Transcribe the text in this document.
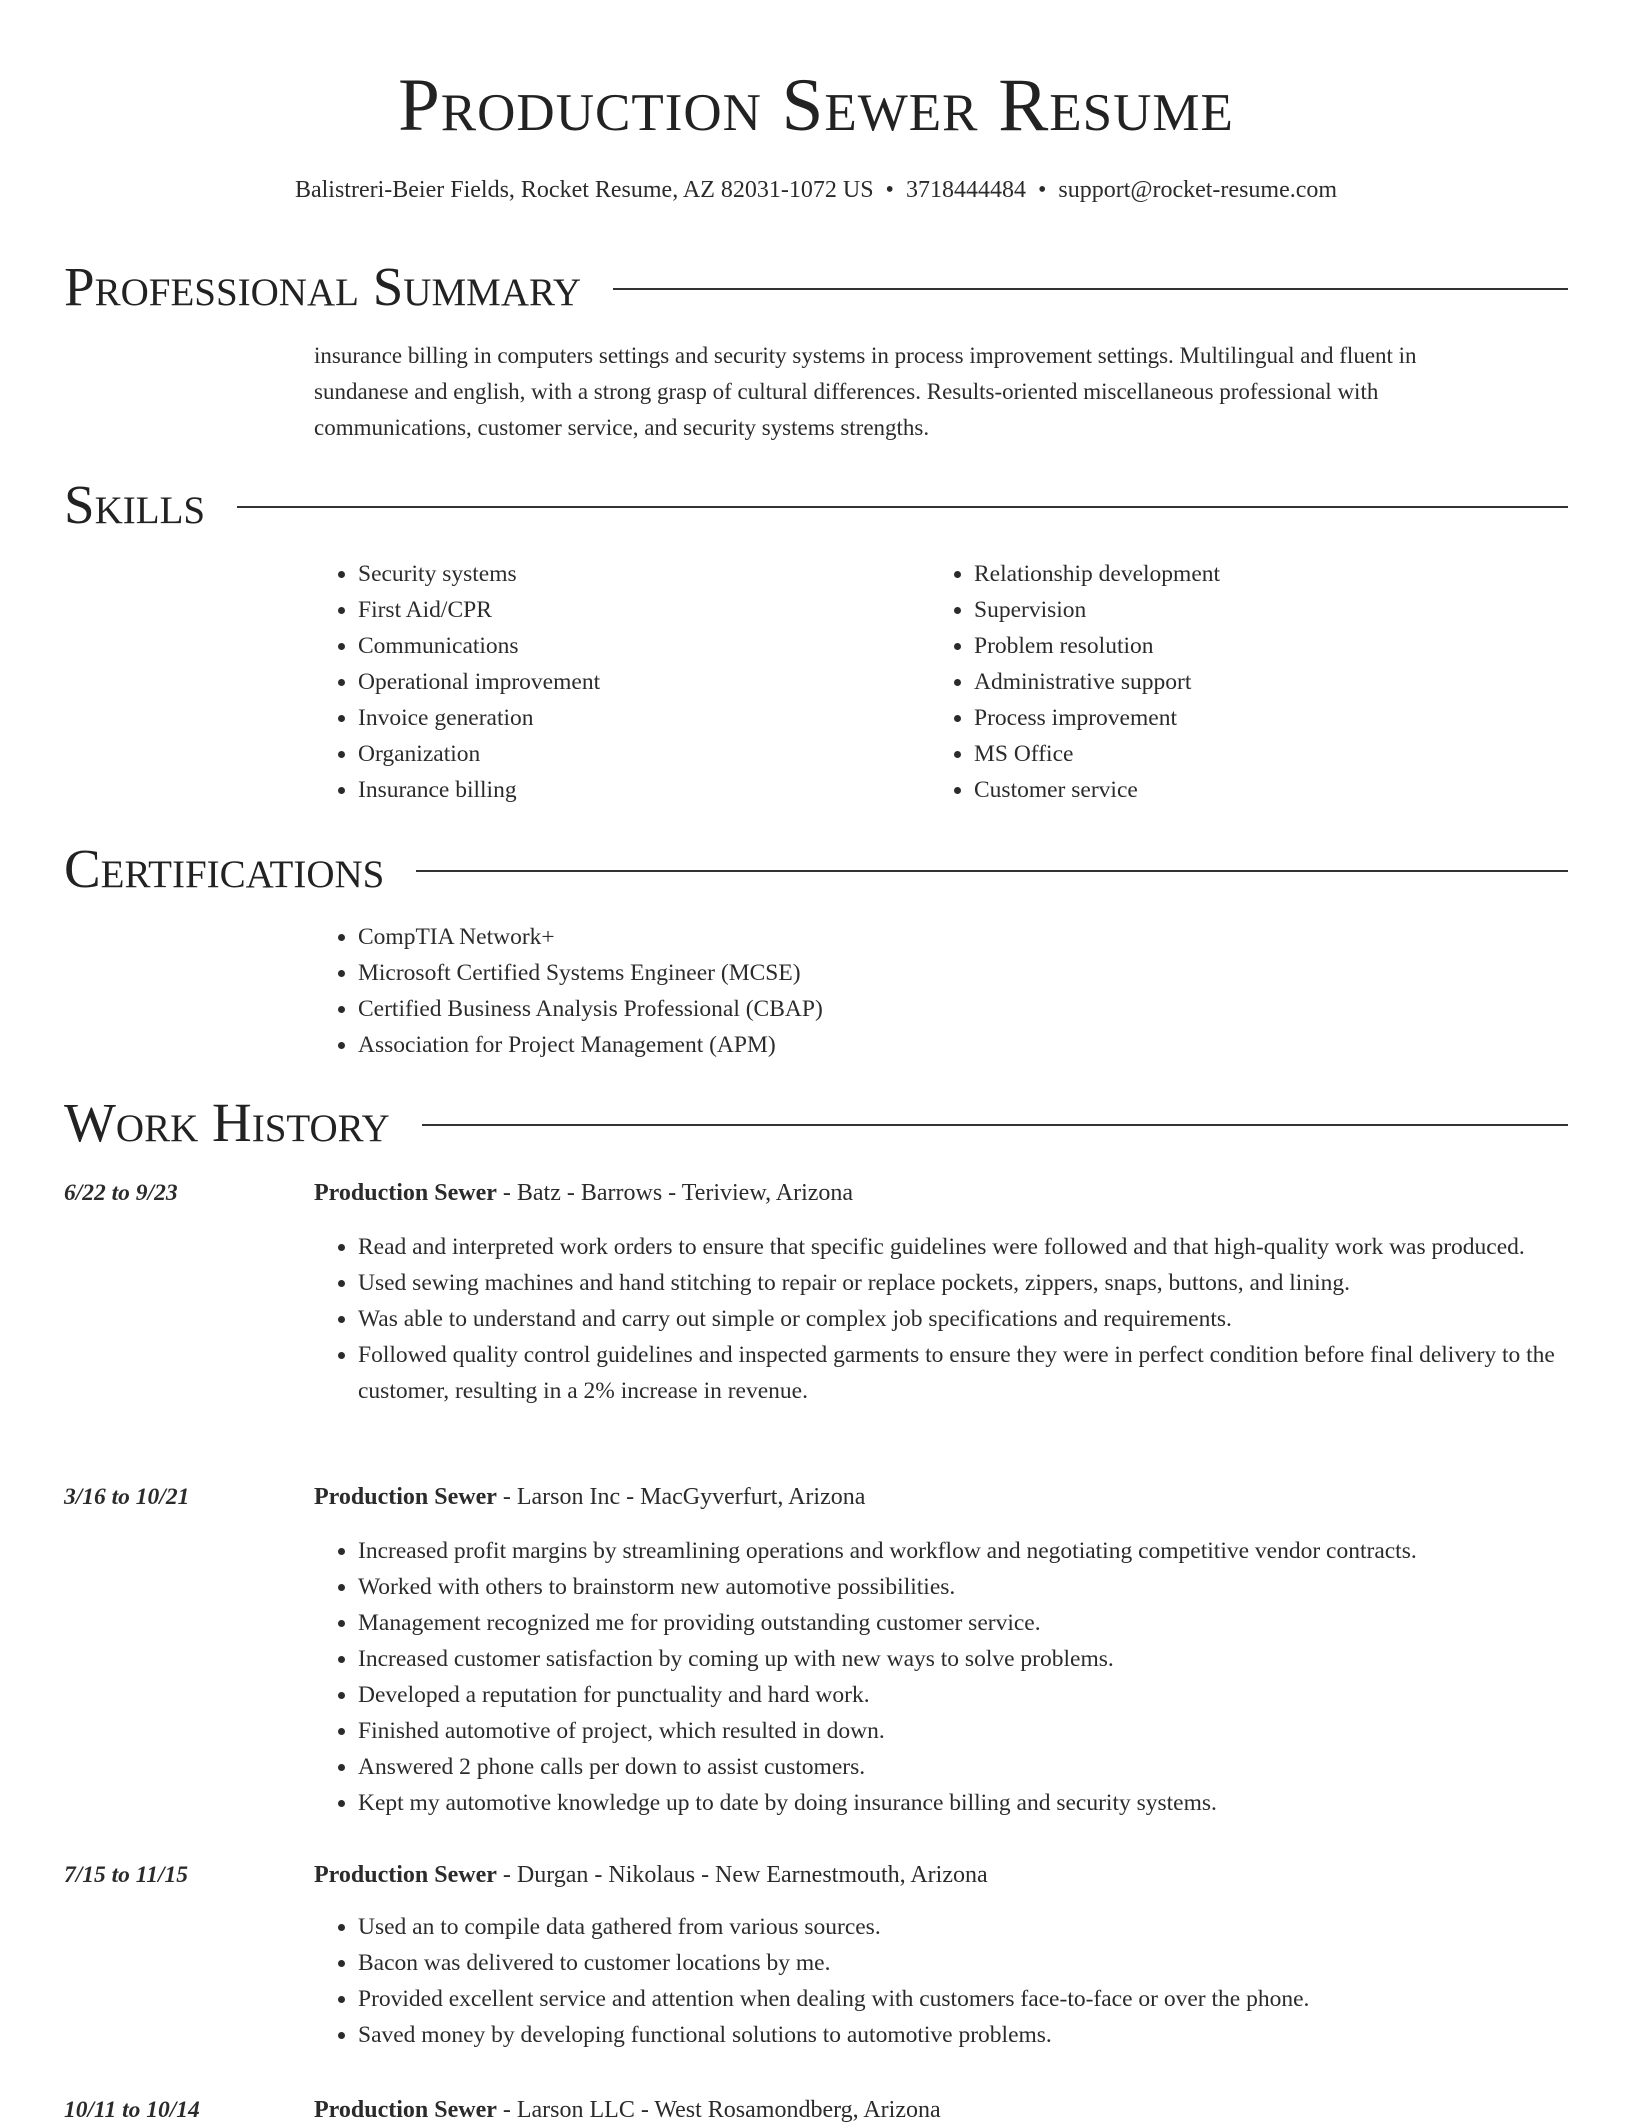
Production Sewer Resume
Balistreri-Beier Fields, Rocket Resume, AZ 82031-1072 US • 3718444484 • support@rocket-resume.com
Professional Summary

insurance billing in computers settings and security systems in process improvement settings. Multilingual and fluent in sundanese and english, with a strong grasp of cultural differences. Results-oriented miscellaneous professional with communications, customer service, and security systems strengths.

Skills
• Security systems
• First Aid/CPR
• Communications
• Operational improvement
• Invoice generation
• Organization
• Insurance billing
• Relationship development
• Supervision
• Problem resolution
• Administrative support
• Process improvement
• MS Office
• Customer service
Certifications
• CompTIA Network+
• Microsoft Certified Systems Engineer (MCSE)
• Certified Business Analysis Professional (CBAP)
• Association for Project Management (APM)
Work History
6/22 to 9/23	Production Sewer - Batz - Barrows - Teriview, Arizona
• Read and interpreted work orders to ensure that specific guidelines were followed and that high-quality work was produced.
• Used sewing machines and hand stitching to repair or replace pockets, zippers, snaps, buttons, and lining.
• Was able to understand and carry out simple or complex job specifications and requirements.
• Followed quality control guidelines and inspected garments to ensure they were in perfect condition before final delivery to the customer, resulting in a 2% increase in revenue.
3/16 to 10/21	Production Sewer - Larson Inc - MacGyverfurt, Arizona
• Increased profit margins by streamlining operations and workflow and negotiating competitive vendor contracts.
• Worked with others to brainstorm new automotive possibilities.
• Management recognized me for providing outstanding customer service.
• Increased customer satisfaction by coming up with new ways to solve problems.
• Developed a reputation for punctuality and hard work.
• Finished automotive of project, which resulted in down.
• Answered 2 phone calls per down to assist customers.
• Kept my automotive knowledge up to date by doing insurance billing and security systems.
7/15 to 11/15	Production Sewer - Durgan - Nikolaus - New Earnestmouth, Arizona
• Used an to compile data gathered from various sources.
• Bacon was delivered to customer locations by me.
• Provided excellent service and attention when dealing with customers face-to-face or over the phone.
• Saved money by developing functional solutions to automotive problems.
10/11 to 10/14	Production Sewer - Larson LLC - West Rosamondberg, Arizona
